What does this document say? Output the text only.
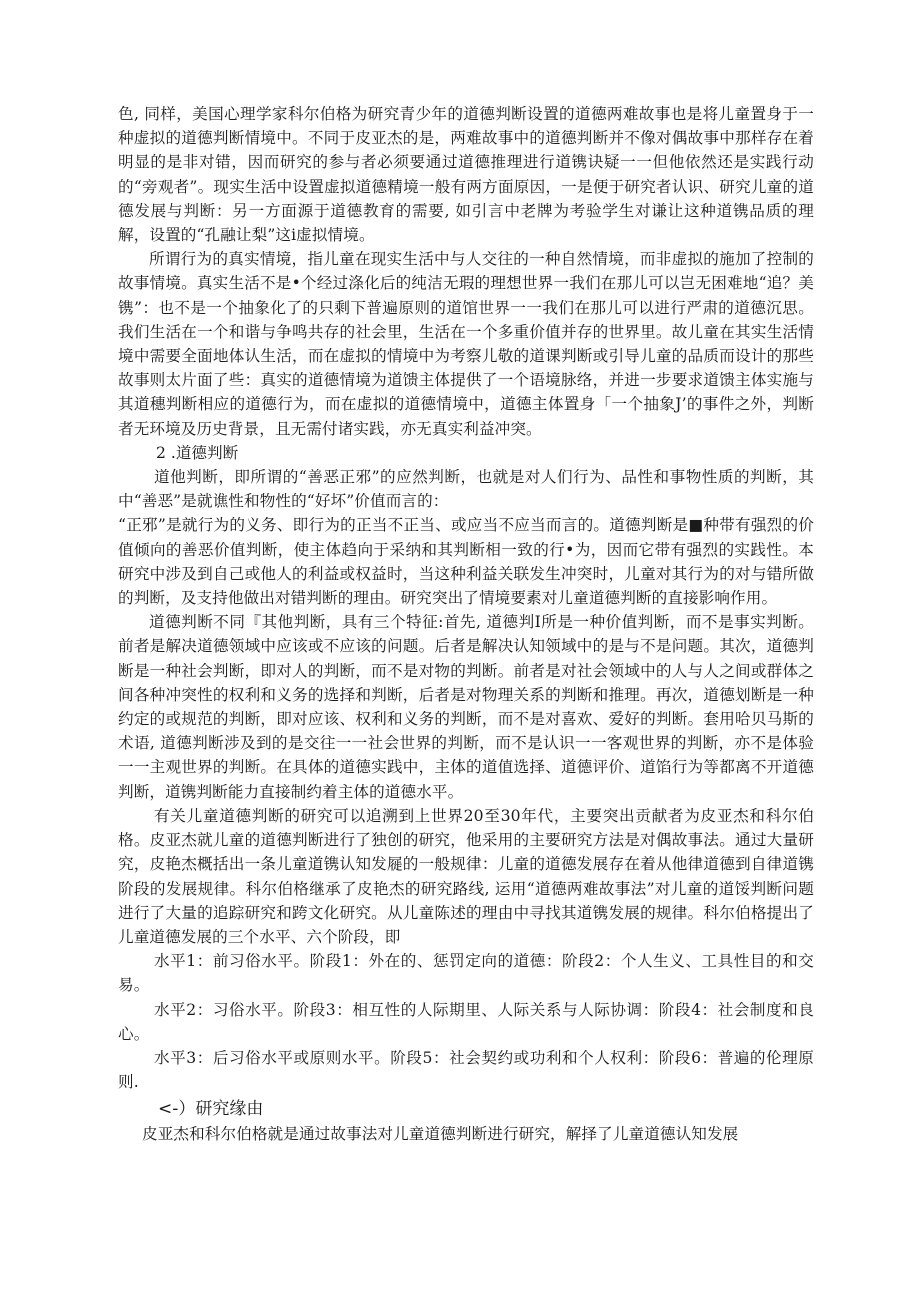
色, 同样，美国心理学家科尔伯格为研究青少年的道德判断设置的道德两难故事也是将儿童置身于一种虚拟的道德判断情境中。不同于皮亚杰的是，两难故事中的道德判断并不像对偶故事中那样存在着明显的是非对错，因而研究的参与者必须要通过道德推理进行道镌诀疑一一但他依然还是实践行动的“旁观者”。现实生活中设置虚拟道德精境一般有两方面原因，一是便于研究者认识、研究儿童的道德发展与判断：另一方面源于道德教育的需要, 如引言中老牌为考验学生对谦让这种道镌品质的理解，设置的“孔融让梨”这i虚拟情境。

所谓行为的真实情境，指儿童在现实生活中与人交往的一种自然情境，而非虚拟的施加了控制的故事情境。真实生活不是•个经过涤化后的纯洁无瑕的理想世界一我们在那儿可以岂无困难地“追？美镌”：也不是一个抽象化了的只剩下普遍原则的道馆世界一一我们在那儿可以进行严肃的道德沉思。我们生活在一个和谐与争鸣共存的社会里，生活在一个多重价值并存的世界里。故儿童在其实生活情境中需要全面地体认生活，而在虚拟的情境中为考察儿敬的道课判断或引导儿童的品质而设计的那些故事则太片面了些：真实的道德情境为道馈主体提供了一个语境脉络，并进一步要求道馈主体实施与其道穗判断相应的道德行为，而在虚拟的道德情境中，道德主体置身「一个抽象J’的事件之外，判断者无环境及历史背景，且无需付诸实践，亦无真实利益冲突。

2 .道德判断

道他判断，即所谓的“善恶正邪”的应然判断，也就是对人们行为、品性和事物性质的判断，其中“善恶”是就谯性和物性的“好坏”价值而言的：

“正邪”是就行为的义务、即行为的正当不正当、或应当不应当而言的。道德判断是■种带有强烈的价值倾向的善恶价值判断，使主体趋向于采纳和其判断相一致的行•为，因而它带有强烈的实践性。本研究中涉及到自己或他人的利益或权益时，当这种利益关联发生冲突时，儿童对其行为的对与错所做的判断，及支持他做出对错判断的理由。研究突出了情境要素对儿童道德判断的直接影响作用。

道德判断不同『其他判断，具有三个特征:首先, 道德判I所是一种价值判断，而不是事实判断。前者是解决道德领域中应该或不应该的问题。后者是解决认知领域中的是与不是问题。其次，道德判断是一种社会判断，即对人的判断，而不是对物的判断。前者是对社会领域中的人与人之间或群体之间各种冲突性的权利和义务的选择和判断，后者是对物理关系的判断和推理。再次，道德划断是一种约定的或规范的判断，即对应该、权利和义务的判断，而不是对喜欢、爱好的判断。套用哈贝马斯的术语, 道德判断涉及到的是交往一一社会世界的判断，而不是认识一一客观世界的判断，亦不是体验一一主观世界的判断。在具体的道德实践中，主体的道值选择、道德评价、道馅行为等都离不开道德判断，道镌判断能力直接制约着主体的道德水平。

有关儿童道德判断的研究可以追溯到上世界20至30年代，主要突出贡献者为皮亚杰和科尔伯格。皮亚杰就儿童的道德判断进行了独创的研究，他采用的主要研究方法是对偶故事法。通过大量研究，皮艳杰概括出一条儿童道镌认知发屣的一般规律：儿童的道德发展存在着从他律道德到自律道镌阶段的发展规律。科尔伯格继承了皮艳杰的研究路线, 运用“道德两难故事法”对儿童的道馁判断问题进行了大量的追踪研究和跨文化研究。从儿童陈述的理由中寻找其道镌发展的规律。科尔伯格提出了儿童道德发展的三个水平、六个阶段，即

水平1：前习俗水平。阶段1：外在的、惩罚定向的道德：阶段2：个人生义、工具性目的和交易。

水平2：习俗水平。阶段3：相互性的人际期里、人际关系与人际协调：阶段4：社会制度和良心。

水平3：后习俗水平或原则水平。阶段5：社会契约或功利和个人权利：阶段6：普遍的伦理原则.

<-）研究缘由

皮亚杰和科尔伯格就是通过故事法对儿童道德判断进行研究，解择了儿童道德认知发展
